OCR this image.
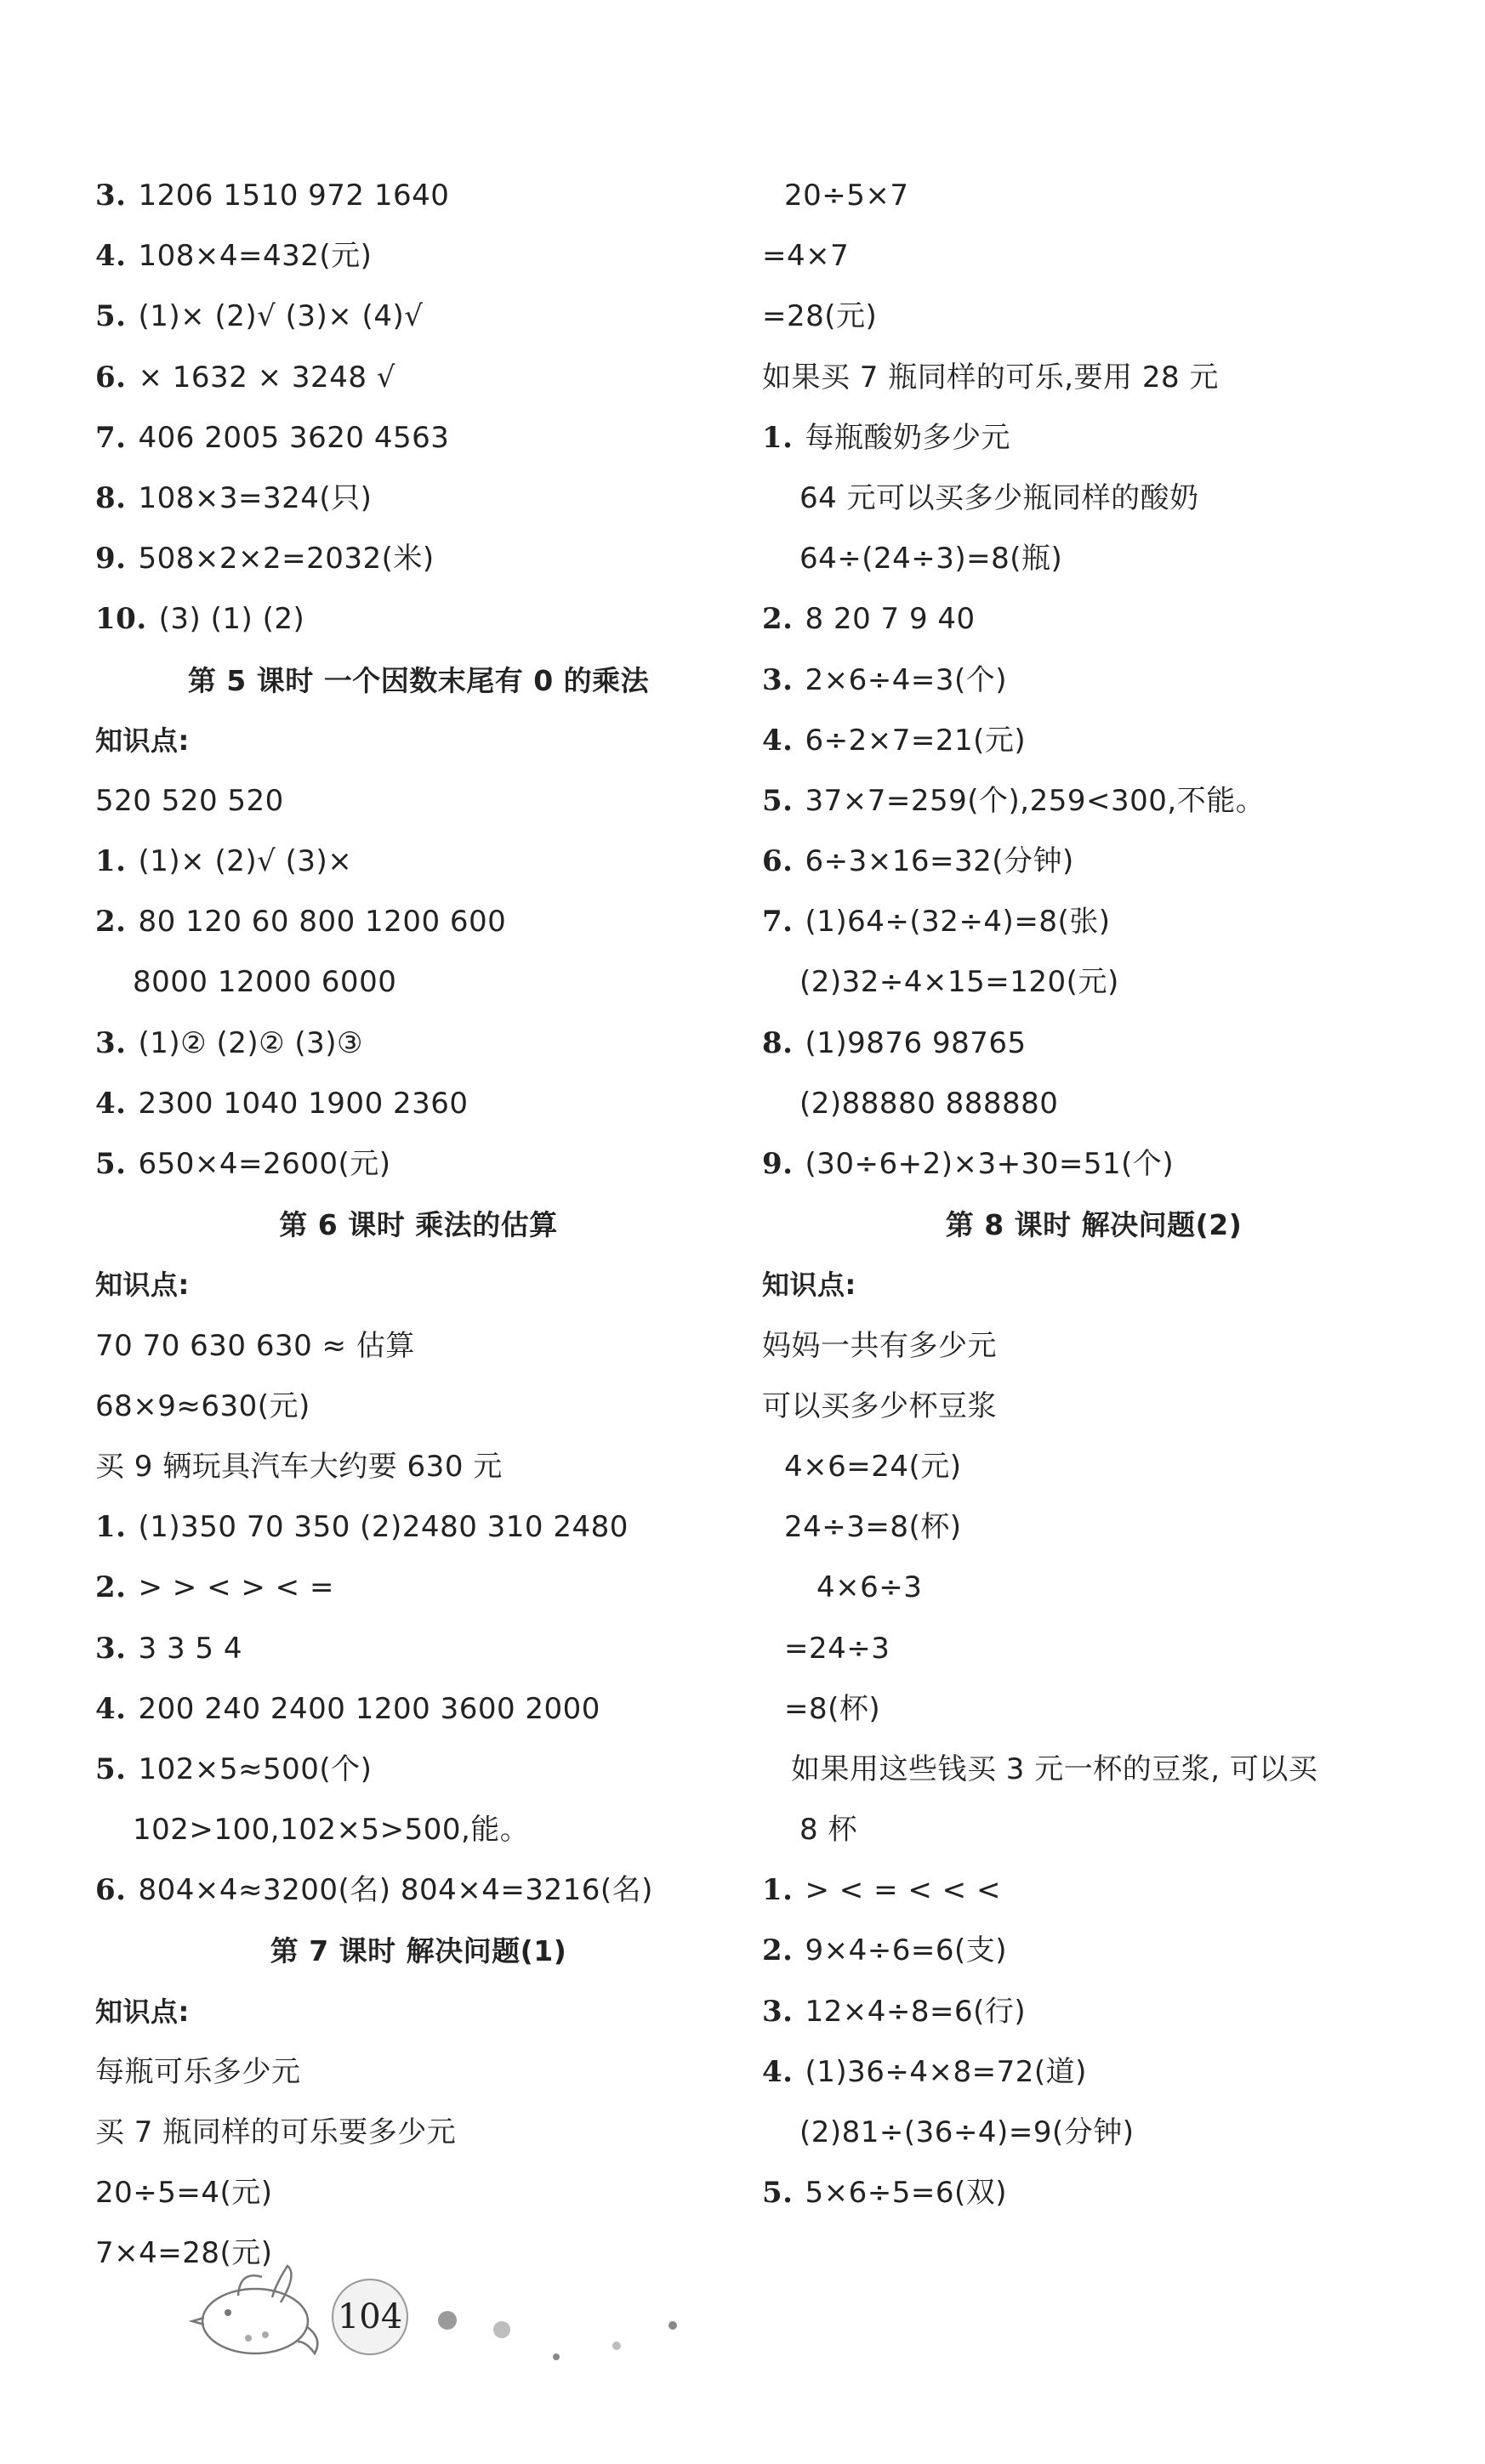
3. 1206 1510 972 1640
4. 108×4=432(元)
5. (1)× (2)√ (3)× (4)√
6. × 1632 × 3248 √
7. 406 2005 3620 4563
8. 108×3=324(只)
9. 508×2×2=2032(米)
10. (3) (1) (2)
第 5 课时 一个因数末尾有 0 的乘法
知识点:
520 520 520
1. (1)× (2)√ (3)×
2. 80 120 60 800 1200 600
8000 12000 6000
3. (1)② (2)② (3)③
4. 2300 1040 1900 2360
5. 650×4=2600(元)
第 6 课时 乘法的估算
知识点:
70 70 630 630 ≈ 估算
68×9≈630(元)
买 9 辆玩具汽车大约要 630 元
1. (1)350 70 350 (2)2480 310 2480
2. > > < > < =
3. 3 3 5 4
4. 200 240 2400 1200 3600 2000
5. 102×5≈500(个)
102>100,102×5>500,能。
6. 804×4≈3200(名) 804×4=3216(名)
第 7 课时 解决问题(1)
知识点:
每瓶可乐多少元
买 7 瓶同样的可乐要多少元
20÷5=4(元)
7×4=28(元)
20÷5×7
=4×7
=28(元)
如果买 7 瓶同样的可乐,要用 28 元
1. 每瓶酸奶多少元
64 元可以买多少瓶同样的酸奶
64÷(24÷3)=8(瓶)
2. 8 20 7 9 40
3. 2×6÷4=3(个)
4. 6÷2×7=21(元)
5. 37×7=259(个),259<300,不能。
6. 6÷3×16=32(分钟)
7. (1)64÷(32÷4)=8(张)
(2)32÷4×15=120(元)
8. (1)9876 98765
(2)88880 888880
9. (30÷6+2)×3+30=51(个)
第 8 课时 解决问题(2)
知识点:
妈妈一共有多少元
可以买多少杯豆浆
4×6=24(元)
24÷3=8(杯)
4×6÷3
=24÷3
=8(杯)
如果用这些钱买 3 元一杯的豆浆, 可以买
8 杯
1. > < = < < <
2. 9×4÷6=6(支)
3. 12×4÷8=6(行)
4. (1)36÷4×8=72(道)
(2)81÷(36÷4)=9(分钟)
5. 5×6÷5=6(双)
104
